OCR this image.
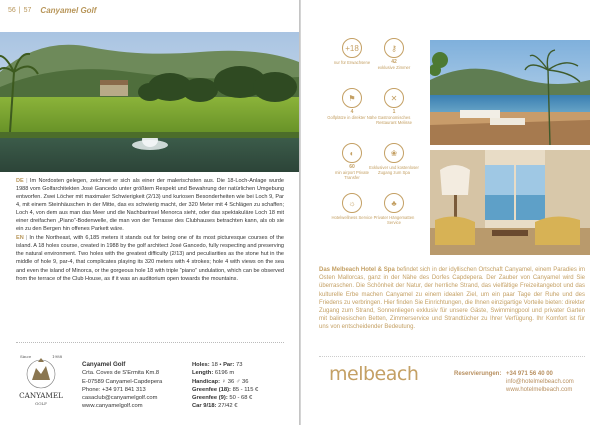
56 | 57 Canyamel Golf

DE | Im Nordosten gelegen, zeichnet er sich als einer der malerischsten aus. Die 18-Loch-Anlage wurde 1988 vom Golfarchitekten José Gancedo unter größtem Respekt und Bewahrung der natürlichen Umgebung entworfen. Zwei Löcher mit maximaler Schwierigkeit (2/13) und kuriosen Besonderheiten wie bei Loch 9, Par 4, mit einem Steinhäuschen in der Mitte, das es schwierig macht, der 320 Meter mit 4 Schlägen zu schaffen; Loch 4, von dem aus man das Meer und die Nachbarinsel Menorca sieht, oder das spektakuläre Loch 18 mit einer dreifachen „Piano“-Bodenwelle, die man von der Terrasse des Clubhauses betrachten kann, als ob sie ein zu den Bergen hin offenes Parkett wäre.

EN | In the Northeast, with 6,185 meters it stands out for being one of its most picturesque courses of the island. A 18 holes course, created in 1988 by the golf architect José Gancedo, fully respecting and preserving the natural environment. Two holes with the greatest difficulty (2/13) and peculiarities as the stone hut in the middle of hole 9, par-4, that complicates playing its 320 meters with 4 strokes; hole 4 with views on the sea and even the island of Minorca, or the gorgeous hole 18 with triple “piano” undulation, which can be observed from the terrace of the Club House, as if it was an auditorium open towards the mountains.

Since	1988
CANYAMEL
GOLF
Canyamel Golf
Crta. Coves de S'Ermita Km.8
E-07589 Canyamel-Capdepera
Phone: +34 971 841 313
casaclub@canyamelgolf.com
www.canyamelgolf.com
Holes: 18 • Par: 73
Length: 6196 m
Handicap: ♀ 36 ♂ 36
Greenfee (18): 85 - 115 €
Greenfee (9): 50 - 68 €
Car 9/18: 27/42 €
+18
nur für Erwachsene
⚷
42
exklusive Zimmer
⚑
4
Golfplätze in direkter Nähe
✕
1
Gastronomisches Restaurant Melisse
◐
60
min airport Private Transfer
❀
Exklusiver und kostenloser Zugang zum Spa
☼
Hotelwellness Service
♣
Privater Hängematten Service
Das Melbeach Hotel & Spa befindet sich in der idyllischen Ortschaft Canyamel, einem Paradies im Osten Mallorcas, ganz in der Nähe des Dorfes Capdepera. Der Zauber von Canyamel wird Sie überraschen. Die Schönheit der Natur, der herrliche Strand, das vielfältige Freizeitangebot und das kulturelle Erbe machen Canyamel zu einem idealen Ziel, um ein paar Tage der Ruhe und des Friedens zu verbringen. Hier finden Sie Einrichtungen, die Ihnen einzigartige Vorteile bieten: direkter Zugang zum Strand, Sonnenliegen exklusiv für unsere Gäste, Swimmingpool und privater Garten mit balinesischen Betten, Zimmerservice und Strandtücher zu Ihrer Verfügung. Ihr Komfort ist für uns von entscheidender Bedeutung.
melbeach	Reservierungen: +34 971 56 40 00
info@hotelmelbeach.com
www.hotelmelbeach.com
